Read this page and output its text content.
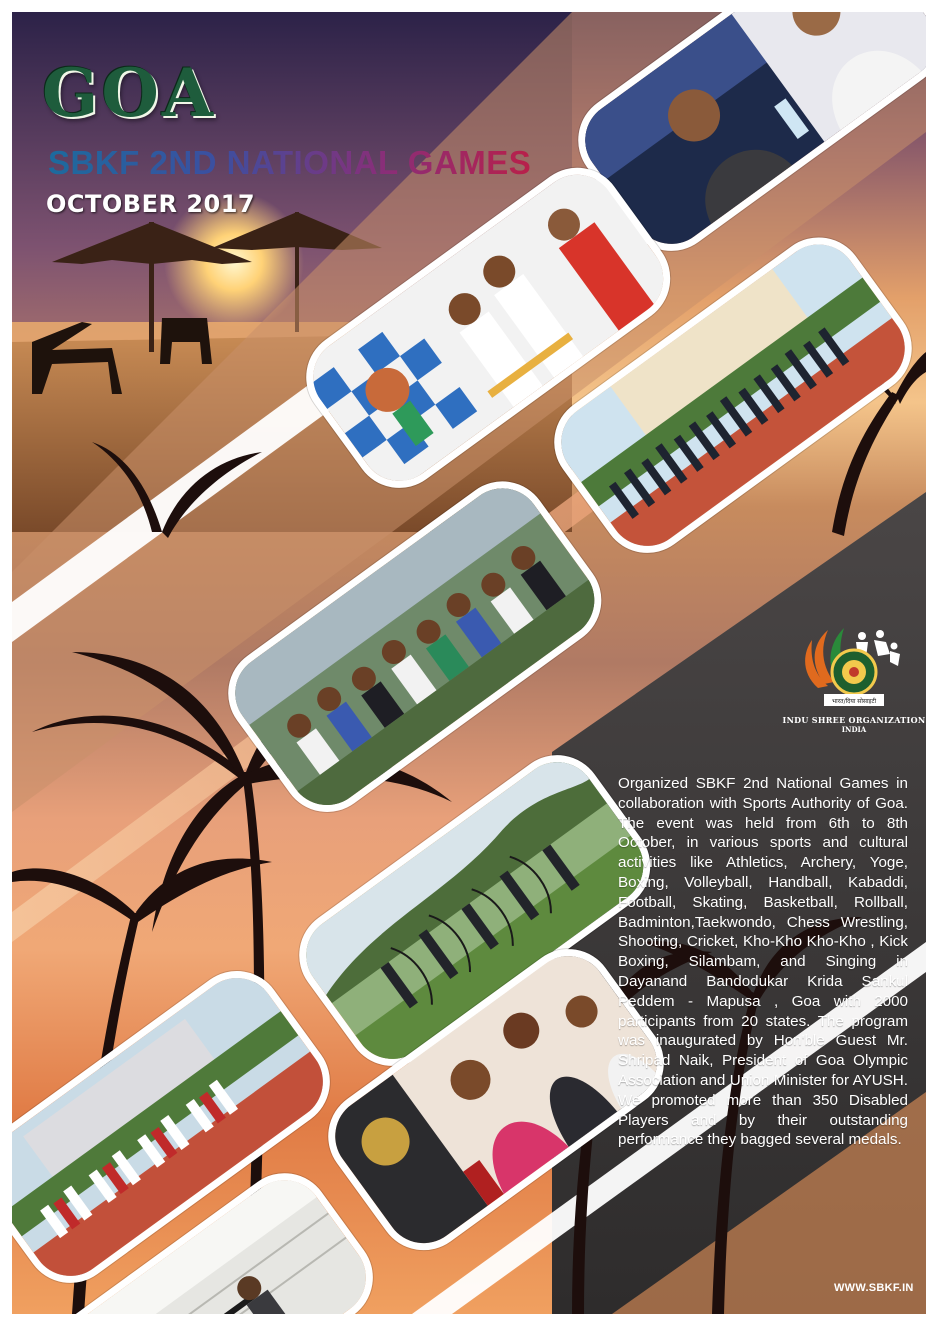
GOA
SBKF 2ND NATIONAL GAMES

OCTOBER 2017

भारत/दिया सोसाइटी

INDU SHREE ORGANIZATION

INDIA

Organized SBKF 2nd National Games in collaboration with Sports Authority of Goa. The event was held from 6th to 8th October, in various sports and cultural activities like Athletics, Archery, Yoge, Boxing, Volleyball, Handball, Kabaddi, Football, Skating, Basketball, Rollball, Badminton,Taekwondo, Chess Wrestling, Shooting, Cricket, Kho-Kho Kho-Kho , Kick Boxing, Silambam, and Singing in Dayanand Bandodukar Krida Sankul Peddem - Mapusa , Goa with 2000 participants from 20 states. The program was inaugurated by Hon'ble Guest Mr. Shripad Naik, President of Goa Olympic Association and Union Minister for AYUSH. We promoted more than 350 Disabled Players and by their outstanding performance they bagged several medals.

WWW.SBKF.IN
